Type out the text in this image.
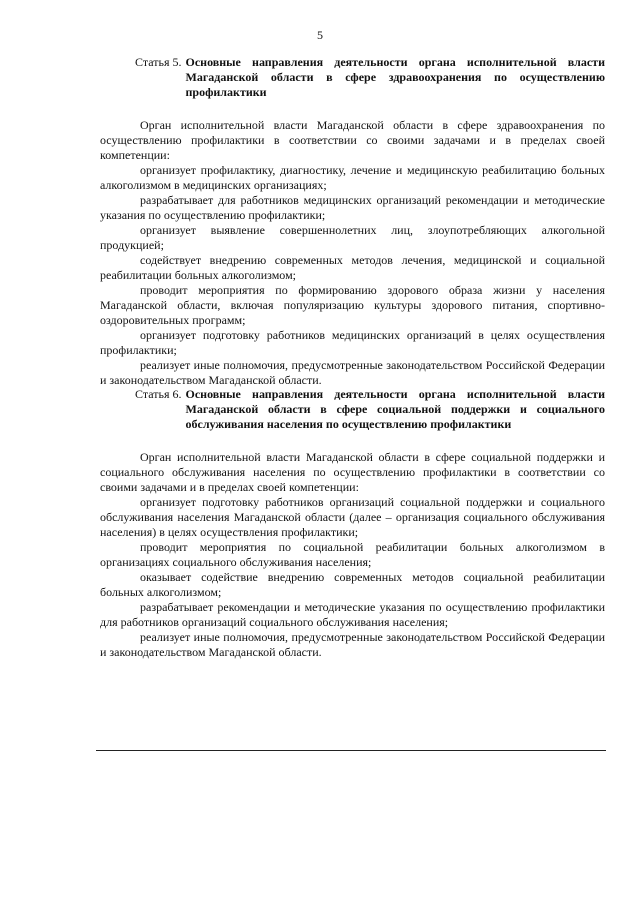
5
Статья 5. Основные направления деятельности органа исполнительной власти Магаданской области в сфере здравоохранения по осуществлению профилактики

Орган исполнительной власти Магаданской области в сфере здравоохранения по осуществлению профилактики в соответствии со своими задачами и в пределах своей компетенции:

организует профилактику, диагностику, лечение и медицинскую реабилитацию больных алкоголизмом в медицинских организациях;

разрабатывает для работников медицинских организаций рекомендации и методические указания по осуществлению профилактики;

организует выявление совершеннолетних лиц, злоупотребляющих алкогольной продукцией;

содействует внедрению современных методов лечения, медицинской и социальной реабилитации больных алкоголизмом;

проводит мероприятия по формированию здорового образа жизни у населения Магаданской области, включая популяризацию культуры здорового питания, спортивно-оздоровительных программ;

организует подготовку работников медицинских организаций в целях осуществления профилактики;

реализует иные полномочия, предусмотренные законодательством Российской Федерации и законодательством Магаданской области.

Статья 6. Основные направления деятельности органа исполнительной власти Магаданской области в сфере социальной поддержки и социального обслуживания населения по осуществлению профилактики

Орган исполнительной власти Магаданской области в сфере социальной поддержки и социального обслуживания населения по осуществлению профилактики в соответствии со своими задачами и в пределах своей компетенции:

организует подготовку работников организаций социальной поддержки и социального обслуживания населения Магаданской области (далее – организация социального обслуживания населения) в целях осуществления профилактики;

проводит мероприятия по социальной реабилитации больных алкоголизмом в организациях социального обслуживания населения;

оказывает содействие внедрению современных методов социальной реабилитации больных алкоголизмом;

разрабатывает рекомендации и методические указания по осуществлению профилактики для работников организаций социального обслуживания населения;

реализует иные полномочия, предусмотренные законодательством Российской Федерации и законодательством Магаданской области.
